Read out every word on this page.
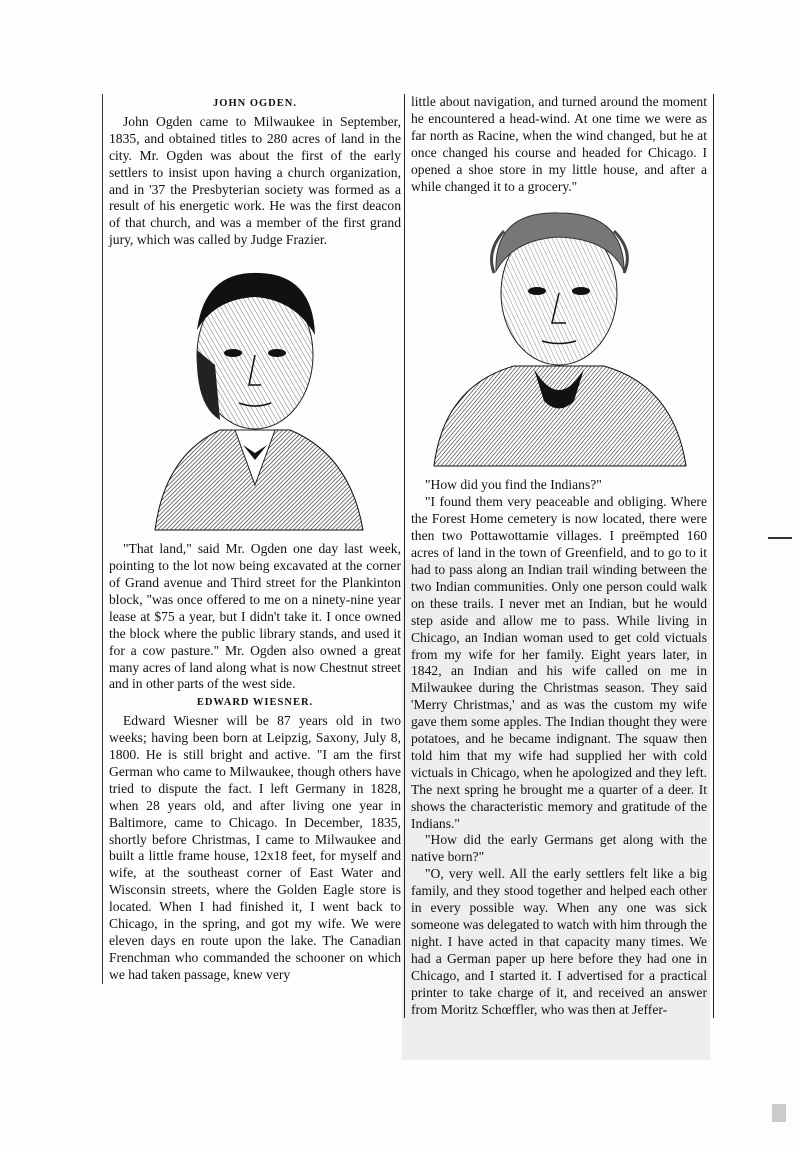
JOHN OGDEN.

John Ogden came to Milwaukee in September, 1835, and obtained titles to 280 acres of land in the city. Mr. Ogden was about the first of the early settlers to insist upon having a church organization, and in '37 the Presbyterian society was formed as a result of his energetic work. He was the first deacon of that church, and was a member of the first grand jury, which was called by Judge Frazier.

"That land," said Mr. Ogden one day last week, pointing to the lot now being excavated at the corner of Grand avenue and Third street for the Plankinton block, "was once offered to me on a ninety-nine year lease at $75 a year, but I didn't take it. I once owned the block where the public library stands, and used it for a cow pasture." Mr. Ogden also owned a great many acres of land along what is now Chestnut street and in other parts of the west side.

EDWARD WIESNER.

Edward Wiesner will be 87 years old in two weeks; having been born at Leipzig, Saxony, July 8, 1800. He is still bright and active. "I am the first German who came to Milwaukee, though others have tried to dispute the fact. I left Germany in 1828, when 28 years old, and after living one year in Baltimore, came to Chicago. In December, 1835, shortly before Christmas, I came to Milwaukee and built a little frame house, 12x18 feet, for myself and wife, at the southeast corner of East Water and Wisconsin streets, where the Golden Eagle store is located. When I had finished it, I went back to Chicago, in the spring, and got my wife. We were eleven days en route upon the lake. The Canadian Frenchman who commanded the schooner on which we had taken passage, knew very

little about navigation, and turned around the moment he encountered a head-wind. At one time we were as far north as Racine, when the wind changed, but he at once changed his course and headed for Chicago. I opened a shoe store in my little house, and after a while changed it to a grocery."

"How did you find the Indians?"

"I found them very peaceable and obliging. Where the Forest Home cemetery is now located, there were then two Pottawottamie villages. I preëmpted 160 acres of land in the town of Greenfield, and to go to it had to pass along an Indian trail winding between the two Indian communities. Only one person could walk on these trails. I never met an Indian, but he would step aside and allow me to pass. While living in Chicago, an Indian woman used to get cold victuals from my wife for her family. Eight years later, in 1842, an Indian and his wife called on me in Milwaukee during the Christmas season. They said 'Merry Christmas,' and as was the custom my wife gave them some apples. The Indian thought they were potatoes, and he became indignant. The squaw then told him that my wife had supplied her with cold victuals in Chicago, when he apologized and they left. The next spring he brought me a quarter of a deer. It shows the characteristic memory and gratitude of the Indians."

"How did the early Germans get along with the native born?"

"O, very well. All the early settlers felt like a big family, and they stood together and helped each other in every possible way. When any one was sick someone was delegated to watch with him through the night. I have acted in that capacity many times. We had a German paper up here before they had one in Chicago, and I started it. I advertised for a practical printer to take charge of it, and received an answer from Moritz Schœffler, who was then at Jeffer-
